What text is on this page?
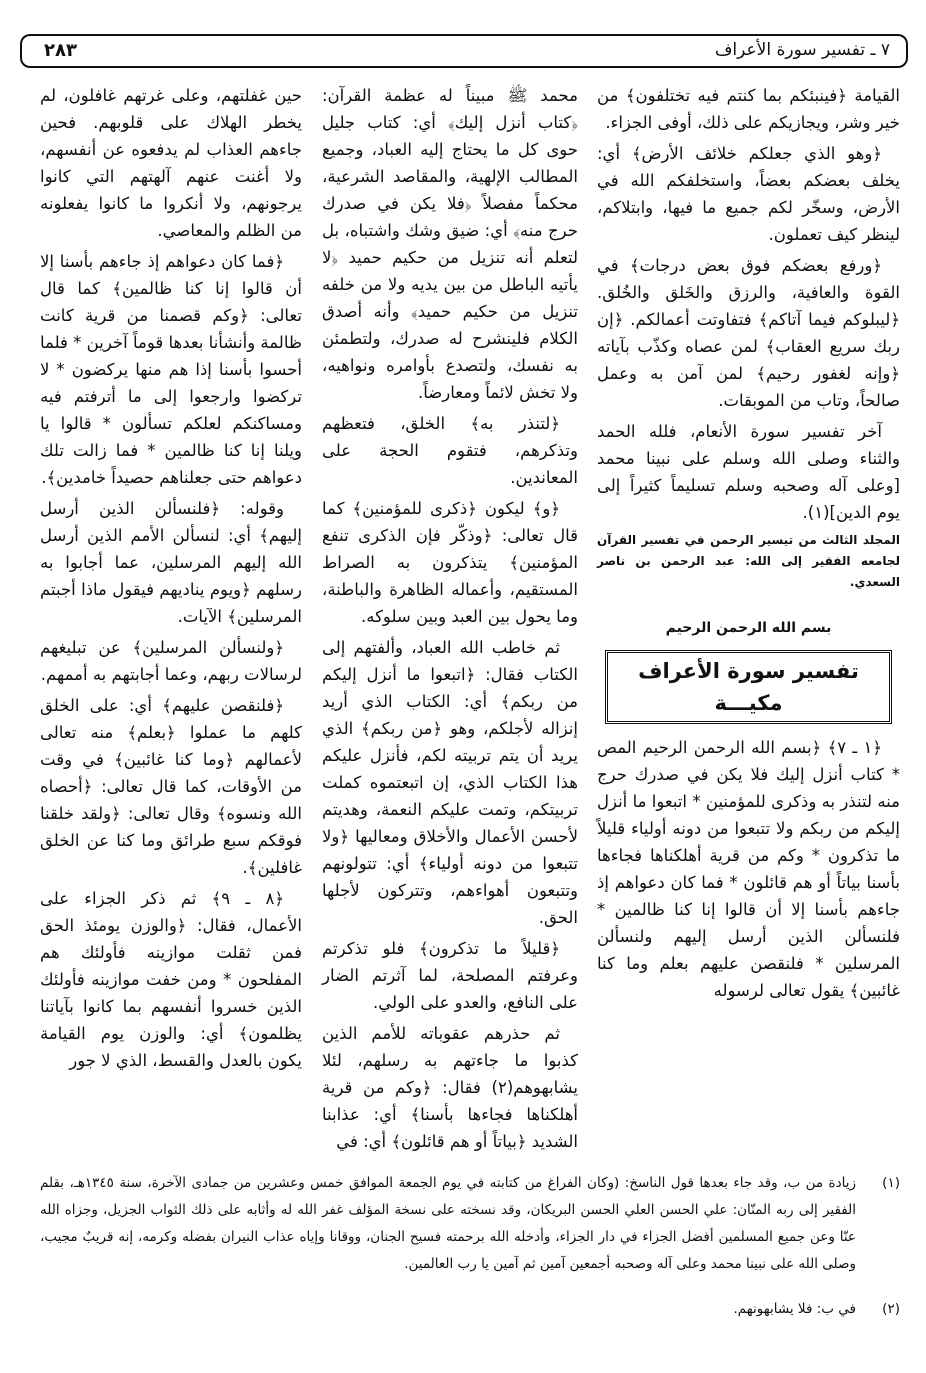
٧ ـ تفسير سورة الأعراف
٢٨٣

القيامة ﴿فينبئكم بما كنتم فيه تختلفون﴾ من خير وشر، ويجازيكم على ذلك، أوفى الجزاء.

﴿وهو الذي جعلكم خلائف الأرض﴾ أي: يخلف بعضكم بعضاً، واستخلفكم الله في الأرض، وسخّر لكم جميع ما فيها، وابتلاكم، لينظر كيف تعملون.

﴿ورفع بعضكم فوق بعض درجات﴾ في القوة والعافية، والرزق والخَلق والخُلق. ﴿ليبلوكم فيما آتاكم﴾ فتفاوتت أعمالكم. ﴿إن ربك سريع العقاب﴾ لمن عصاه وكذّب بآياته ﴿وإنه لغفور رحيم﴾ لمن آمن به وعمل صالحاً، وتاب من الموبقات.

آخر تفسير سورة الأنعام، فلله الحمد والثناء وصلى الله وسلم على نبينا محمد [وعلى آله وصحبه وسلم تسليماً كثيراً إلى يوم الدين](١).

المجلد الثالث من تيسير الرحمن في تفسير القرآن لجامعه الفقير إلى الله: عبد الرحمن بن ناصر السعدي.

بسم الله الرحمن الرحيم
تفسير سورة الأعراف
مكيـــة

﴿١ ـ ٧﴾ ﴿بسم الله الرحمن الرحيم المص * كتاب أنزل إليك فلا يكن في صدرك حرج منه لتنذر به وذكرى للمؤمنين * اتبعوا ما أنزل إليكم من ربكم ولا تتبعوا من دونه أولياء قليلاً ما تذكرون * وكم من قرية أهلكناها فجاءها بأسنا بياتاً أو هم قائلون * فما كان دعواهم إذ جاءهم بأسنا إلا أن قالوا إنا كنا ظالمين * فلنسألن الذين أرسل إليهم ولنسألن المرسلين * فلنقصن عليهم بعلم وما كنا غائبين﴾ يقول تعالى لرسوله

محمد ﷺ مبيناً له عظمة القرآن: ﴿كتاب أنزل إليك﴾ أي: كتاب جليل حوى كل ما يحتاج إليه العباد، وجميع المطالب الإلهية، والمقاصد الشرعية، محكماً مفصلاً ﴿فلا يكن في صدرك حرج منه﴾ أي: ضيق وشك واشتباه، بل لتعلم أنه تنزيل من حكيم حميد ﴿لا يأتيه الباطل من بين يديه ولا من خلفه تنزيل من حكيم حميد﴾ وأنه أصدق الكلام فلينشرح له صدرك، ولتطمئن به نفسك، ولتصدع بأوامره ونواهيه، ولا تخش لائماً ومعارضاً.

﴿لتنذر به﴾ الخلق، فتعظهم وتذكرهم، فتقوم الحجة على المعاندين.

﴿و﴾ ليكون ﴿ذكرى للمؤمنين﴾ كما قال تعالى: ﴿وذكّر فإن الذكرى تنفع المؤمنين﴾ يتذكرون به الصراط المستقيم، وأعماله الظاهرة والباطنة، وما يحول بين العبد وبين سلوكه.

ثم خاطب الله العباد، وألفتهم إلى الكتاب فقال: ﴿اتبعوا ما أنزل إليكم من ربكم﴾ أي: الكتاب الذي أريد إنزاله لأجلكم، وهو ﴿من ربكم﴾ الذي يريد أن يتم تربيته لكم، فأنزل عليكم هذا الكتاب الذي، إن اتبعتموه كملت تربيتكم، وتمت عليكم النعمة، وهديتم لأحسن الأعمال والأخلاق ومعاليها ﴿ولا تتبعوا من دونه أولياء﴾ أي: تتولونهم وتتبعون أهواءهم، وتتركون لأجلها الحق.

﴿قليلاً ما تذكرون﴾ فلو تذكرتم وعرفتم المصلحة، لما آثرتم الضار على النافع، والعدو على الولي.

ثم حذرهم عقوباته للأمم الذين كذبوا ما جاءتهم به رسلهم، لئلا يشابهوهم(٢) فقال: ﴿وكم من قرية أهلكناها فجاءها بأسنا﴾ أي: عذابنا الشديد ﴿بياتاً أو هم قائلون﴾ أي: في

حين غفلتهم، وعلى غرتهم غافلون، لم يخطر الهلاك على قلوبهم. فحين جاءهم العذاب لم يدفعوه عن أنفسهم، ولا أغنت عنهم آلهتهم التي كانوا يرجونهم، ولا أنكروا ما كانوا يفعلونه من الظلم والمعاصي.

﴿فما كان دعواهم إذ جاءهم بأسنا إلا أن قالوا إنا كنا ظالمين﴾ كما قال تعالى: ﴿وكم قصمنا من قرية كانت ظالمة وأنشأنا بعدها قوماً آخرين * فلما أحسوا بأسنا إذا هم منها يركضون * لا تركضوا وارجعوا إلى ما أترفتم فيه ومساكنكم لعلكم تسألون * قالوا يا ويلنا إنا كنا ظالمين * فما زالت تلك دعواهم حتى جعلناهم حصيداً خامدين﴾.

وقوله: ﴿فلنسألن الذين أرسل إليهم﴾ أي: لنسألن الأمم الذين أرسل الله إليهم المرسلين، عما أجابوا به رسلهم ﴿ويوم يناديهم فيقول ماذا أجبتم المرسلين﴾ الآيات.

﴿ولنسألن المرسلين﴾ عن تبليغهم لرسالات ربهم، وعما أجابتهم به أممهم.

﴿فلنقصن عليهم﴾ أي: على الخلق كلهم ما عملوا ﴿بعلم﴾ منه تعالى لأعمالهم ﴿وما كنا غائبين﴾ في وقت من الأوقات، كما قال تعالى: ﴿أحصاه الله ونسوه﴾ وقال تعالى: ﴿ولقد خلقنا فوقكم سبع طرائق وما كنا عن الخلق غافلين﴾.

﴿٨ ـ ٩﴾ ثم ذكر الجزاء على الأعمال، فقال: ﴿والوزن يومئذ الحق فمن ثقلت موازينه فأولئك هم المفلحون * ومن خفت موازينه فأولئك الذين خسروا أنفسهم بما كانوا بآياتنا يظلمون﴾ أي: والوزن يوم القيامة يكون بالعدل والقسط، الذي لا جور

(١)
زيادة من ب، وقد جاء بعدها قول الناسخ: (وكان الفراغ من كتابته في يوم الجمعة الموافق خمس وعشرين من جمادى الآخرة، سنة ١٣٤٥هـ، بقلم الفقير إلى ربه المنّان: علي الحسن العلي الحسن البريكان، وقد نسخته على نسخة المؤلف غفر الله له وأثابه على ذلك الثواب الجزيل، وجزاه الله عنّا وعن جميع المسلمين أفضل الجزاء في دار الجزاء، وأدخله الله برحمته فسيح الجنان، ووقانا وإياه عذاب النيران بفضله وكرمه، إنه قريبٌ مجيب، وصلى الله على نبينا محمد وعلى آله وصحبه أجمعين آمين ثم آمين يا رب العالمين.
(٢)
في ب: فلا يشابهونهم.
